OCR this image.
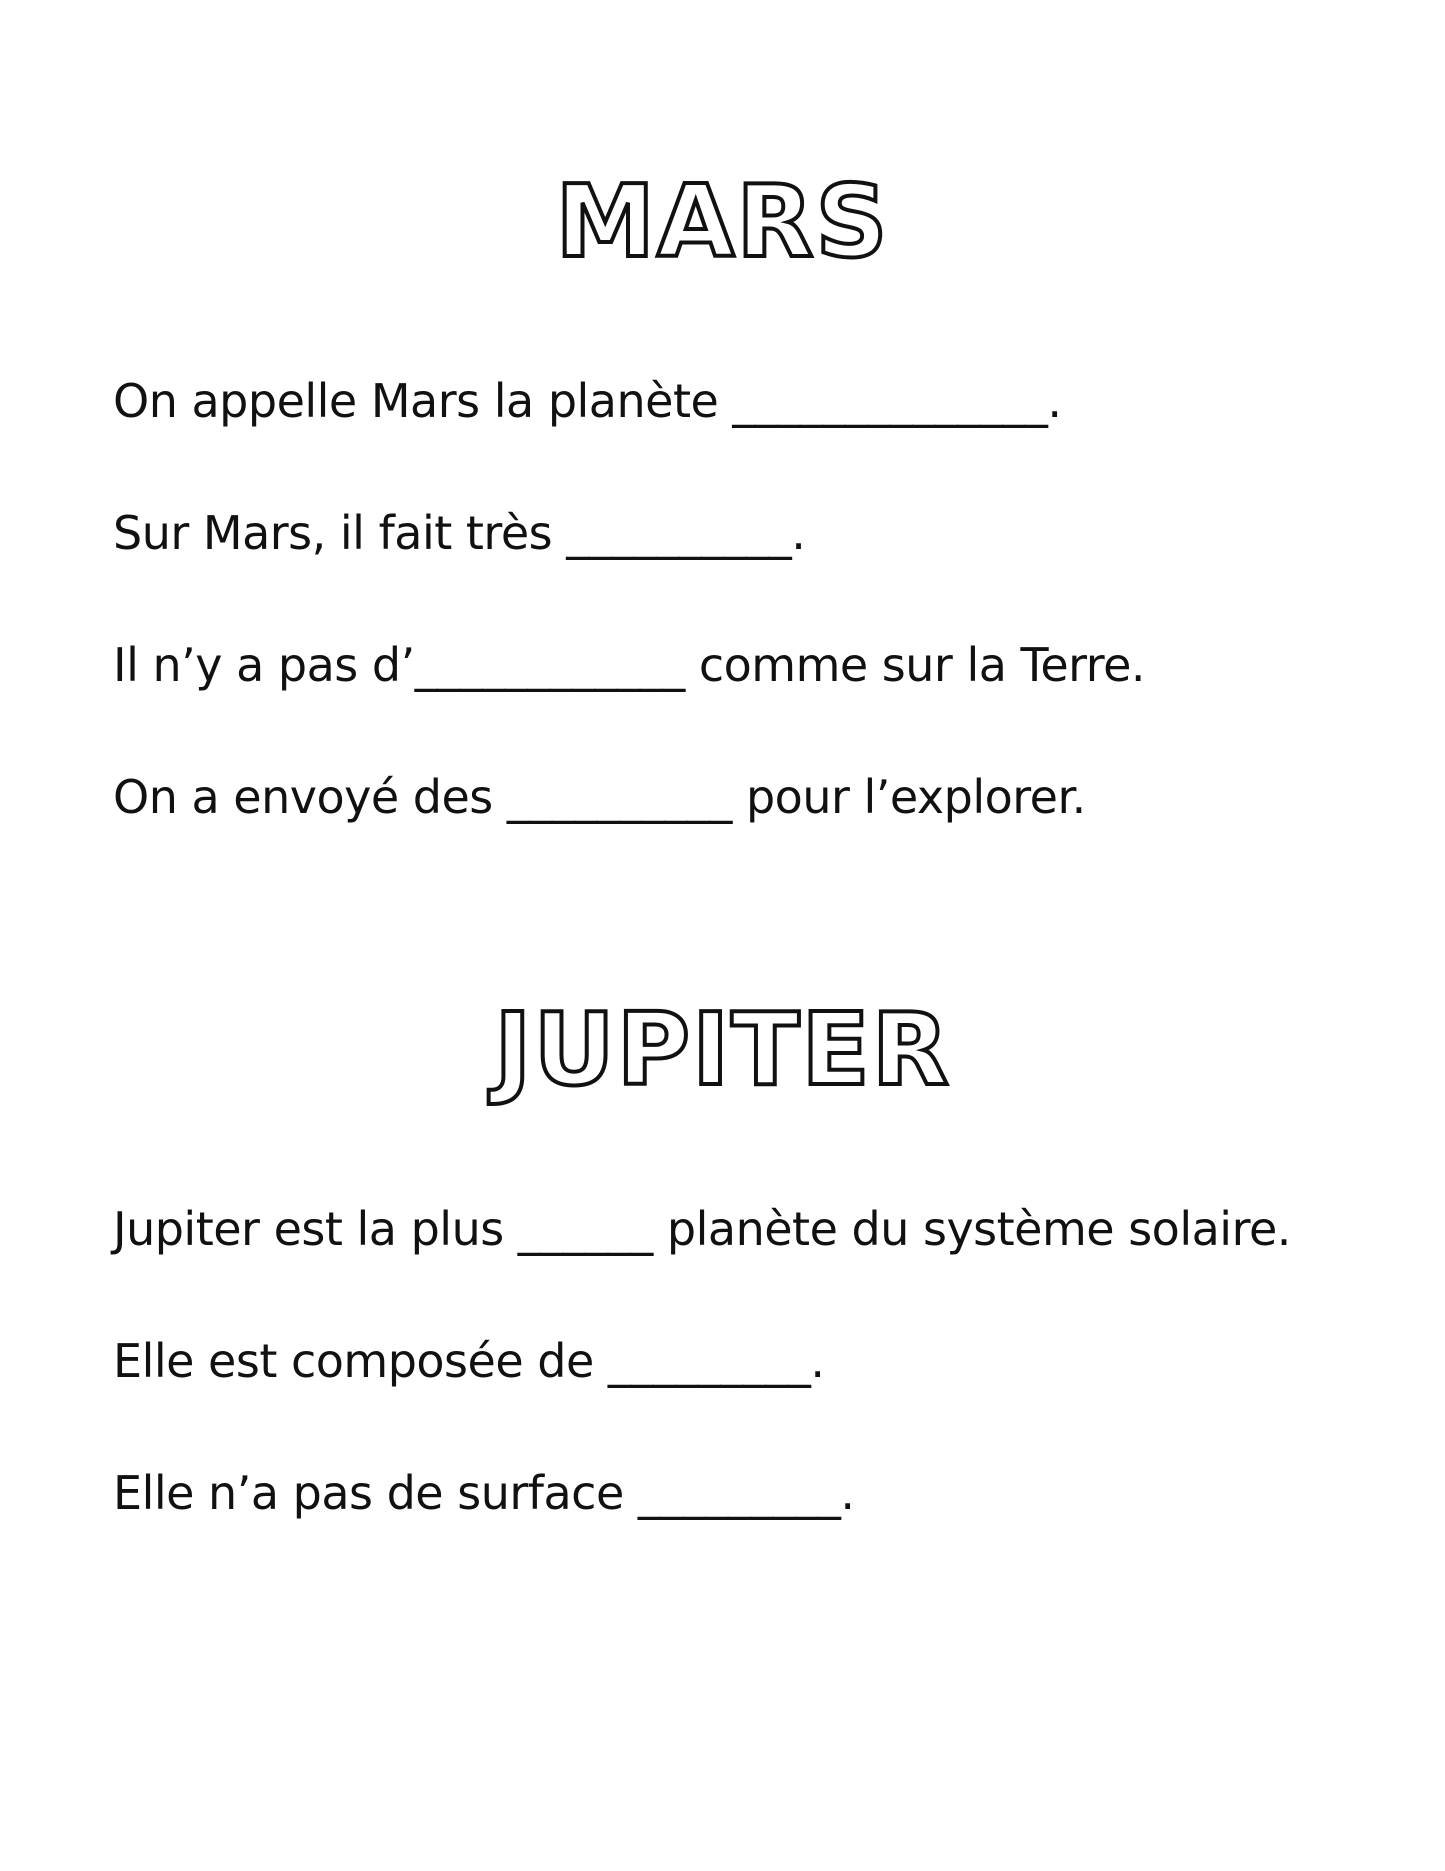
MARS

On appelle Mars la planète ______________.

Sur Mars, il fait très __________.

Il n’y a pas d’____________ comme sur la Terre.

On a envoyé des __________ pour l’explorer.

JUPITER

Jupiter est la plus ______ planète du système solaire.

Elle est composée de _________.

Elle n’a pas de surface _________.
